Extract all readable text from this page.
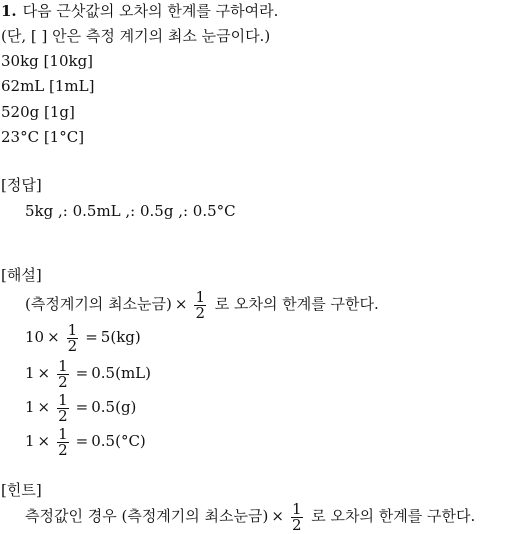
1. 다음 근삿값의 오차의 한계를 구하여라.
(단, [ ] 안은 측정 계기의 최소 눈금이다.)
30kg [10kg]
62mL [1mL]
520g [1g]
23°C [1°C]
[정답]
5kg ,: 0.5mL ,: 0.5g ,: 0.5°C
[해설]
(측정계기의 최소눈금) × $\frac{1}{2}$ 로 오차의 한계를 구한다.
$10 \times \frac{1}{2} = 5(kg)$
$1 \times \frac{1}{2} = 0.5(mL)$
$1 \times \frac{1}{2} = 0.5(g)$
$1 \times \frac{1}{2} = 0.5(^\circ C)$
[힌트]
측정값인 경우 (측정계기의 최소눈금) × $\frac{1}{2}$ 로 오차의 한계를 구한다.
